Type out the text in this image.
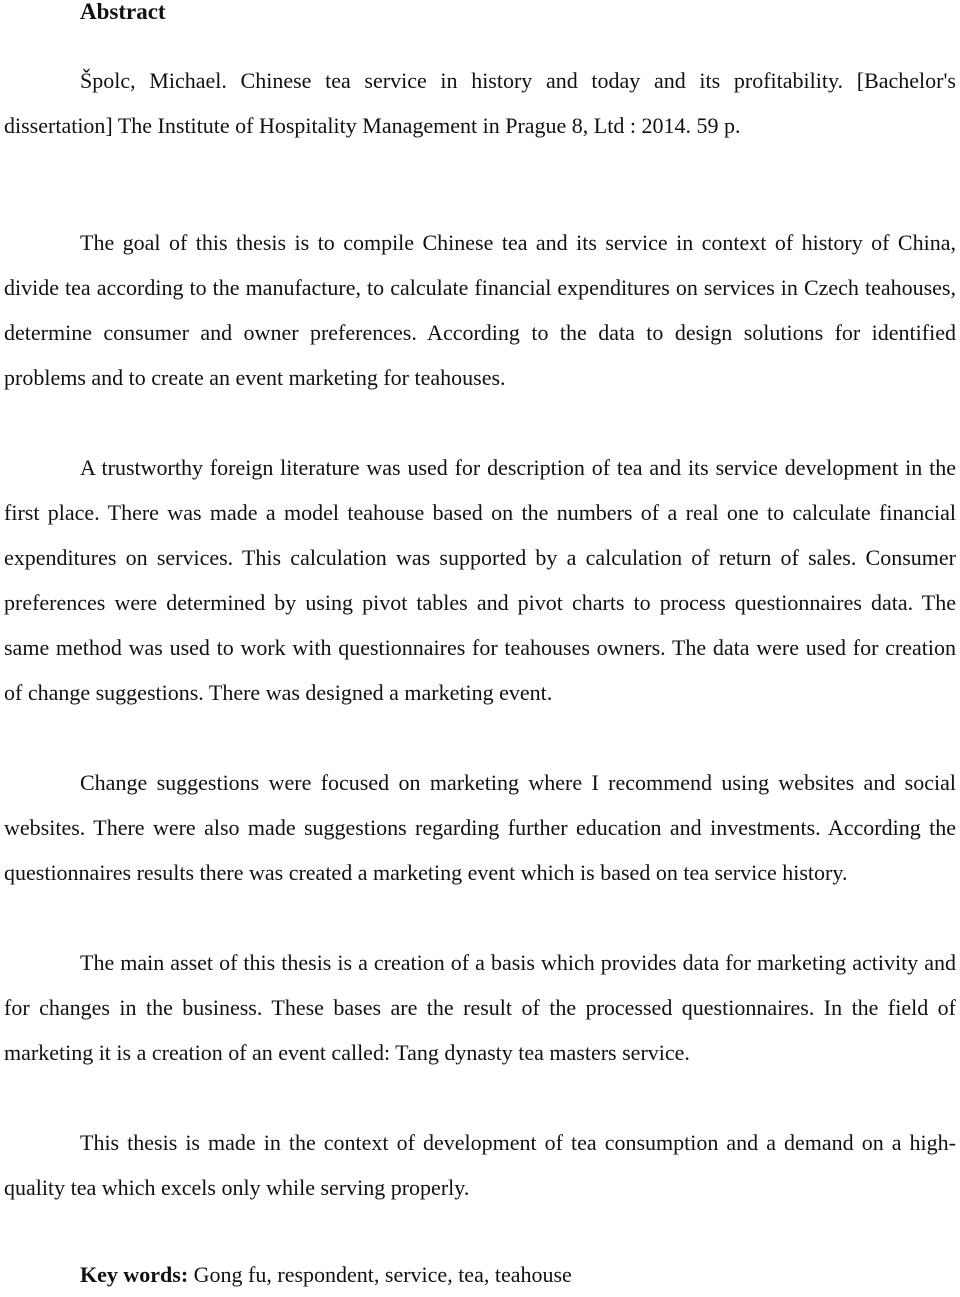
Abstract

Špolc, Michael. Chinese tea service in history and today and its profitability. [Bachelor's dissertation] The Institute of Hospitality Management in Prague 8, Ltd : 2014. 59 p.

The goal of this thesis is to compile Chinese tea and its service in context of history of China, divide tea according to the manufacture, to calculate financial expenditures on services in Czech teahouses, determine consumer and owner preferences. According to the data to design solutions for identified problems and to create an event marketing for teahouses.

A trustworthy foreign literature was used for description of tea and its service development in the first place. There was made a model teahouse based on the numbers of a real one to calculate financial expenditures on services. This calculation was supported by a calculation of return of sales. Consumer preferences were determined by using pivot tables and pivot charts to process questionnaires data. The same method was used to work with questionnaires for teahouses owners. The data were used for creation of change suggestions. There was designed a marketing event.

Change suggestions were focused on marketing where I recommend using websites and social websites. There were also made suggestions regarding further education and investments. According the questionnaires results there was created a marketing event which is based on tea service history.

The main asset of this thesis is a creation of a basis which provides data for marketing activity and for changes in the business. These bases are the result of the processed questionnaires. In the field of marketing it is a creation of an event called: Tang dynasty tea masters service.

This thesis is made in the context of development of tea consumption and a demand on a high-quality tea which excels only while serving properly.

Key words: Gong fu, respondent, service, tea, teahouse
